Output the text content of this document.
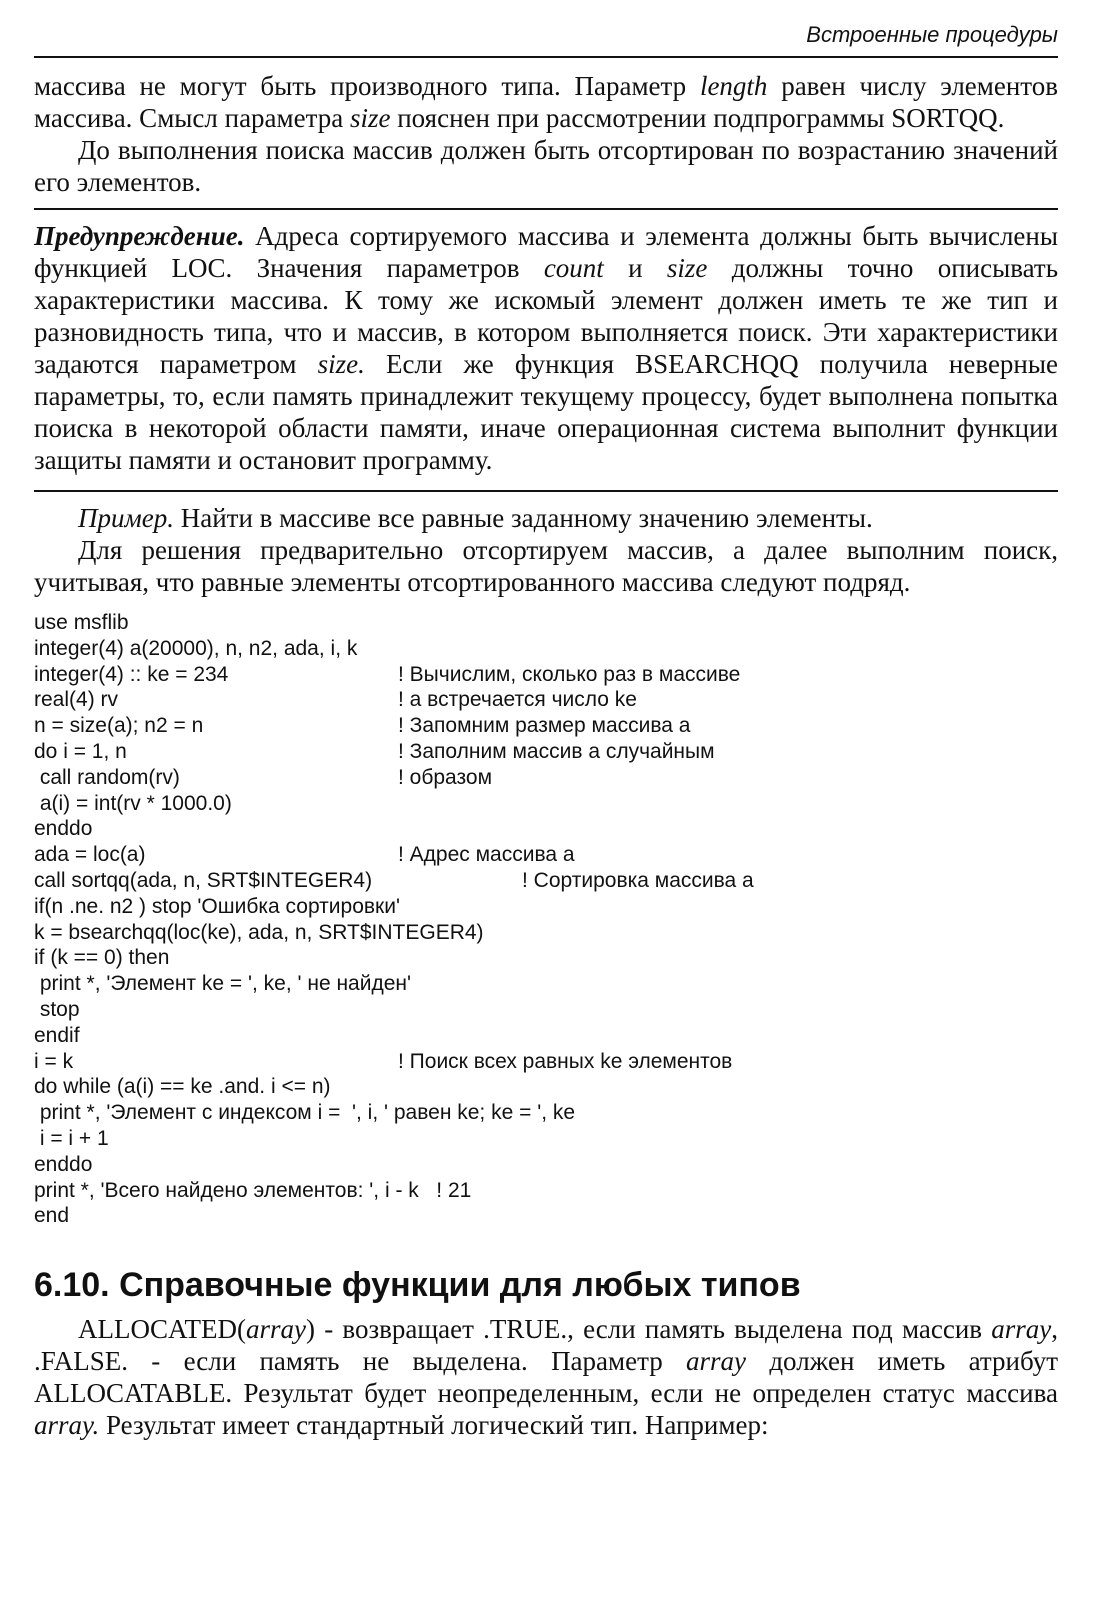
Встроенные процедуры

массива не могут быть производного типа. Параметр length равен числу элементов массива. Смысл параметра size пояснен при рассмотрении подпрограммы SORTQQ.

До выполнения поиска массив должен быть отсортирован по возрастанию значений его элементов.

Предупреждение. Адреса сортируемого массива и элемента должны быть вычислены функцией LOC. Значения параметров count и size должны точно описывать характеристики массива. К тому же искомый элемент должен иметь те же тип и разновидность типа, что и массив, в котором выполняется поиск. Эти характеристики задаются параметром size. Если же функция BSEARCHQQ получила неверные параметры, то, если память принадлежит текущему процессу, будет выполнена попытка поиска в некоторой области памяти, иначе операционная система выполнит функции защиты памяти и остановит программу.

Пример. Найти в массиве все равные заданному значению элементы.

Для решения предварительно отсортируем массив, а далее выполним поиск, учитывая, что равные элементы отсортированного массива следуют подряд.

use msflib
integer(4) a(20000), n, n2, ada, i, k
integer(4) :: ke = 234	! Вычислим, сколько раз в массиве
real(4) rv	! а встречается число ke
n = size(a); n2 = n	! Запомним размер массива а
do i = 1, n	! Заполним массив а случайным
call random(rv)	! образом
a(i) = int(rv * 1000.0)
enddo
ada = loc(a)	! Адрес массива а
call sortqq(ada, n, SRT$INTEGER4)	! Сортировка массива а
if(n .ne. n2 ) stop 'Ошибка сортировки'
k = bsearchqq(loc(ke), ada, n, SRT$INTEGER4)
if (k == 0) then
print *, 'Элемент ke = ', ke, ' не найден'
stop
endif
i = k	! Поиск всех равных ke элементов
do while (a(i) == ke .and. i <= n)
print *, 'Элемент с индексом i =  ', i, ' равен ke; ke = ', ke
i = i + 1
enddo
print *, 'Всего найдено элементов: ', i - k   ! 21
end
6.10. Справочные функции для любых типов

ALLOCATED(array) - возвращает .TRUE., если память выделена под массив array, .FALSE. - если память не выделена. Параметр array должен иметь атрибут ALLOCATABLE. Результат будет неопределенным, если не определен статус массива array. Результат имеет стандартный логический тип. Например:
